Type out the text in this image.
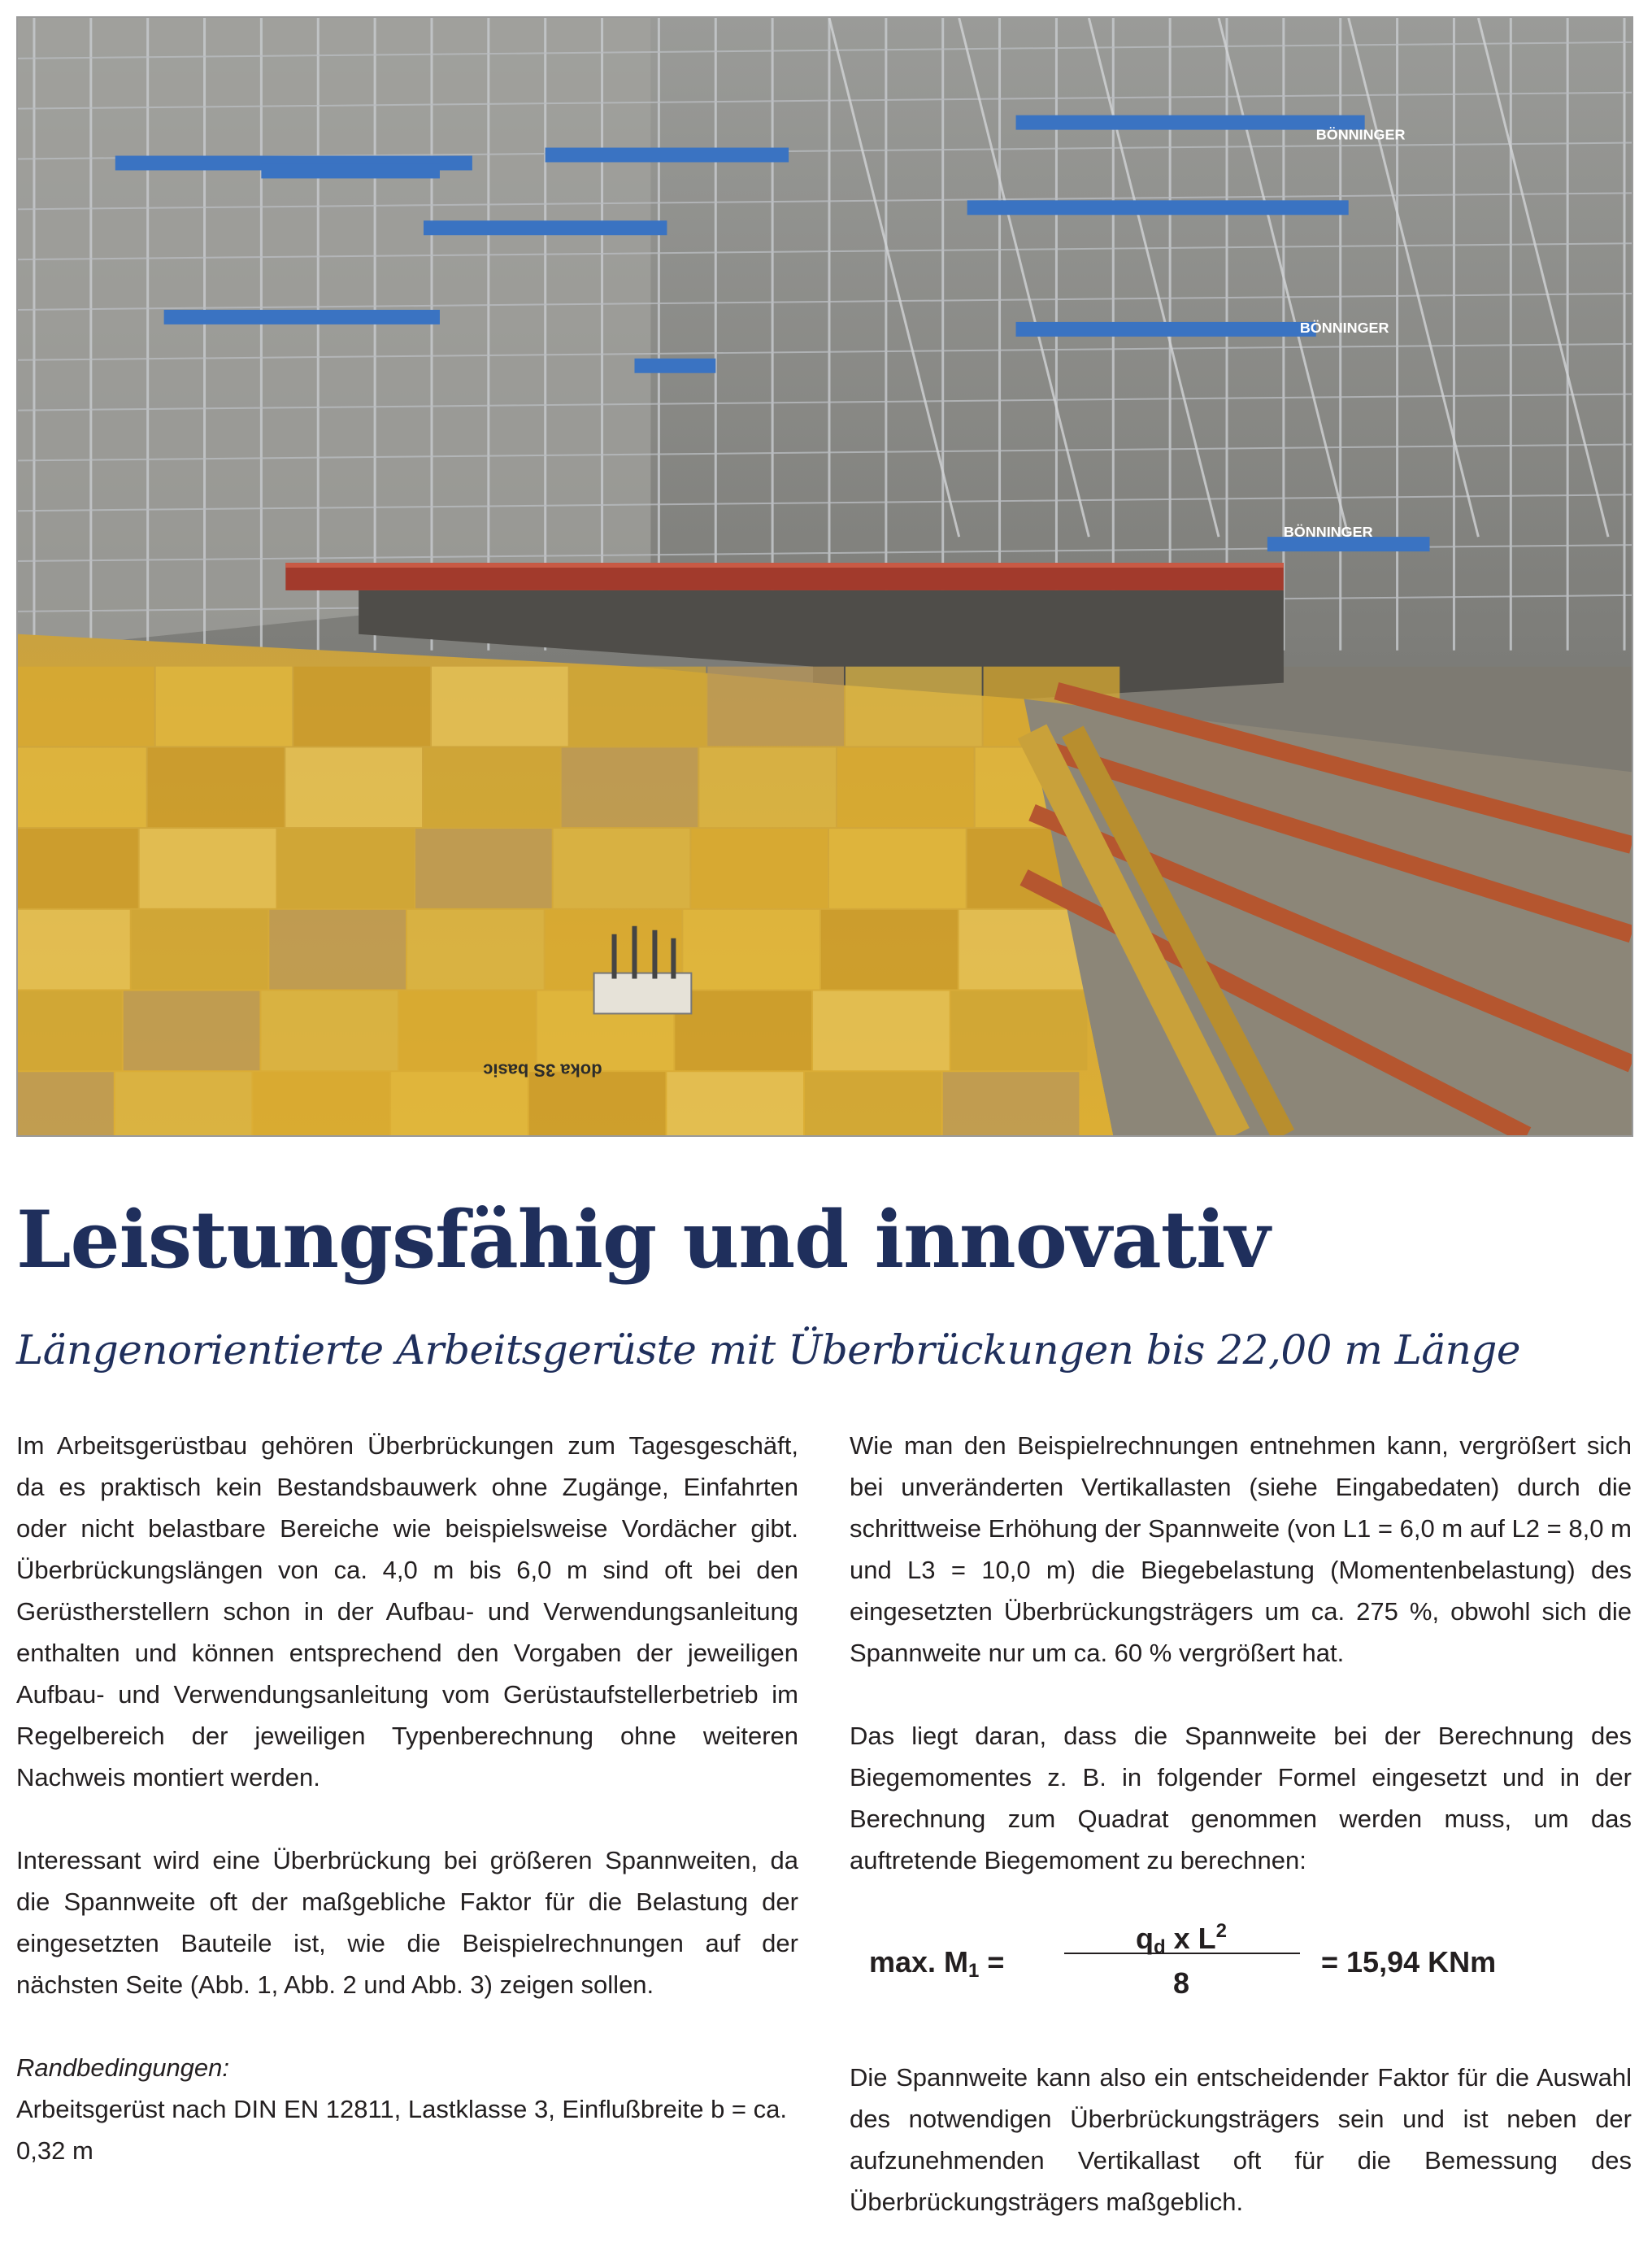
BÖNNINGER
BÖNNINGER
BÖNNINGER
doka 3S basic
Leistungsfähig und innovativ
Längenorientierte Arbeitsgerüste mit Überbrückungen bis 22,00 m Länge

Im Arbeitsgerüstbau gehören Überbrückungen zum Tagesgeschäft, da es praktisch kein Bestandsbauwerk ohne Zugänge, Einfahrten oder nicht belastbare Bereiche wie beispielsweise Vordächer gibt. Überbrückungslängen von ca. 4,0 m bis 6,0 m sind oft bei den Gerüstherstellern schon in der Aufbau- und Verwendungsanleitung enthalten und können entsprechend den Vorgaben der jeweiligen Aufbau- und Verwendungsanleitung vom Gerüstaufstellerbetrieb im Regelbereich der jeweiligen Typenberechnung ohne weiteren Nachweis montiert werden.

Interessant wird eine Überbrückung bei größeren Spannweiten, da die Spannweite oft der maßgebliche Faktor für die Belastung der eingesetzten Bauteile ist, wie die Beispielrechnungen auf der nächsten Seite (Abb. 1, Abb. 2 und Abb. 3) zeigen sollen.

Randbedingungen:

Arbeitsgerüst nach DIN EN 12811, Lastklasse 3, Einflußbreite b = ca. 0,32 m

Wie man den Beispielrechnungen entnehmen kann, vergrößert sich bei unveränderten Vertikallasten (siehe Eingabedaten) durch die schrittweise Erhöhung der Spannweite (von L1 = 6,0 m auf L2 = 8,0 m und L3 = 10,0 m) die Biegebelastung (Momentenbelastung) des eingesetzten Überbrückungsträgers um ca. 275 %, obwohl sich die Spannweite nur um ca. 60 % vergrößert hat.

Das liegt daran, dass die Spannweite bei der Berechnung des Biegemomentes z. B. in folgender Formel eingesetzt und in der Berechnung zum Quadrat genommen werden muss, um das auftretende Biegemoment zu berechnen:

max. $M_1$ =
$q_d$ x $L^2$
8
= 15,94 KNm

Die Spannweite kann also ein entscheidender Faktor für die Auswahl des notwendigen Überbrückungsträgers sein und ist neben der aufzunehmenden Vertikallast oft für die Bemessung des Überbrückungsträgers maßgeblich.
